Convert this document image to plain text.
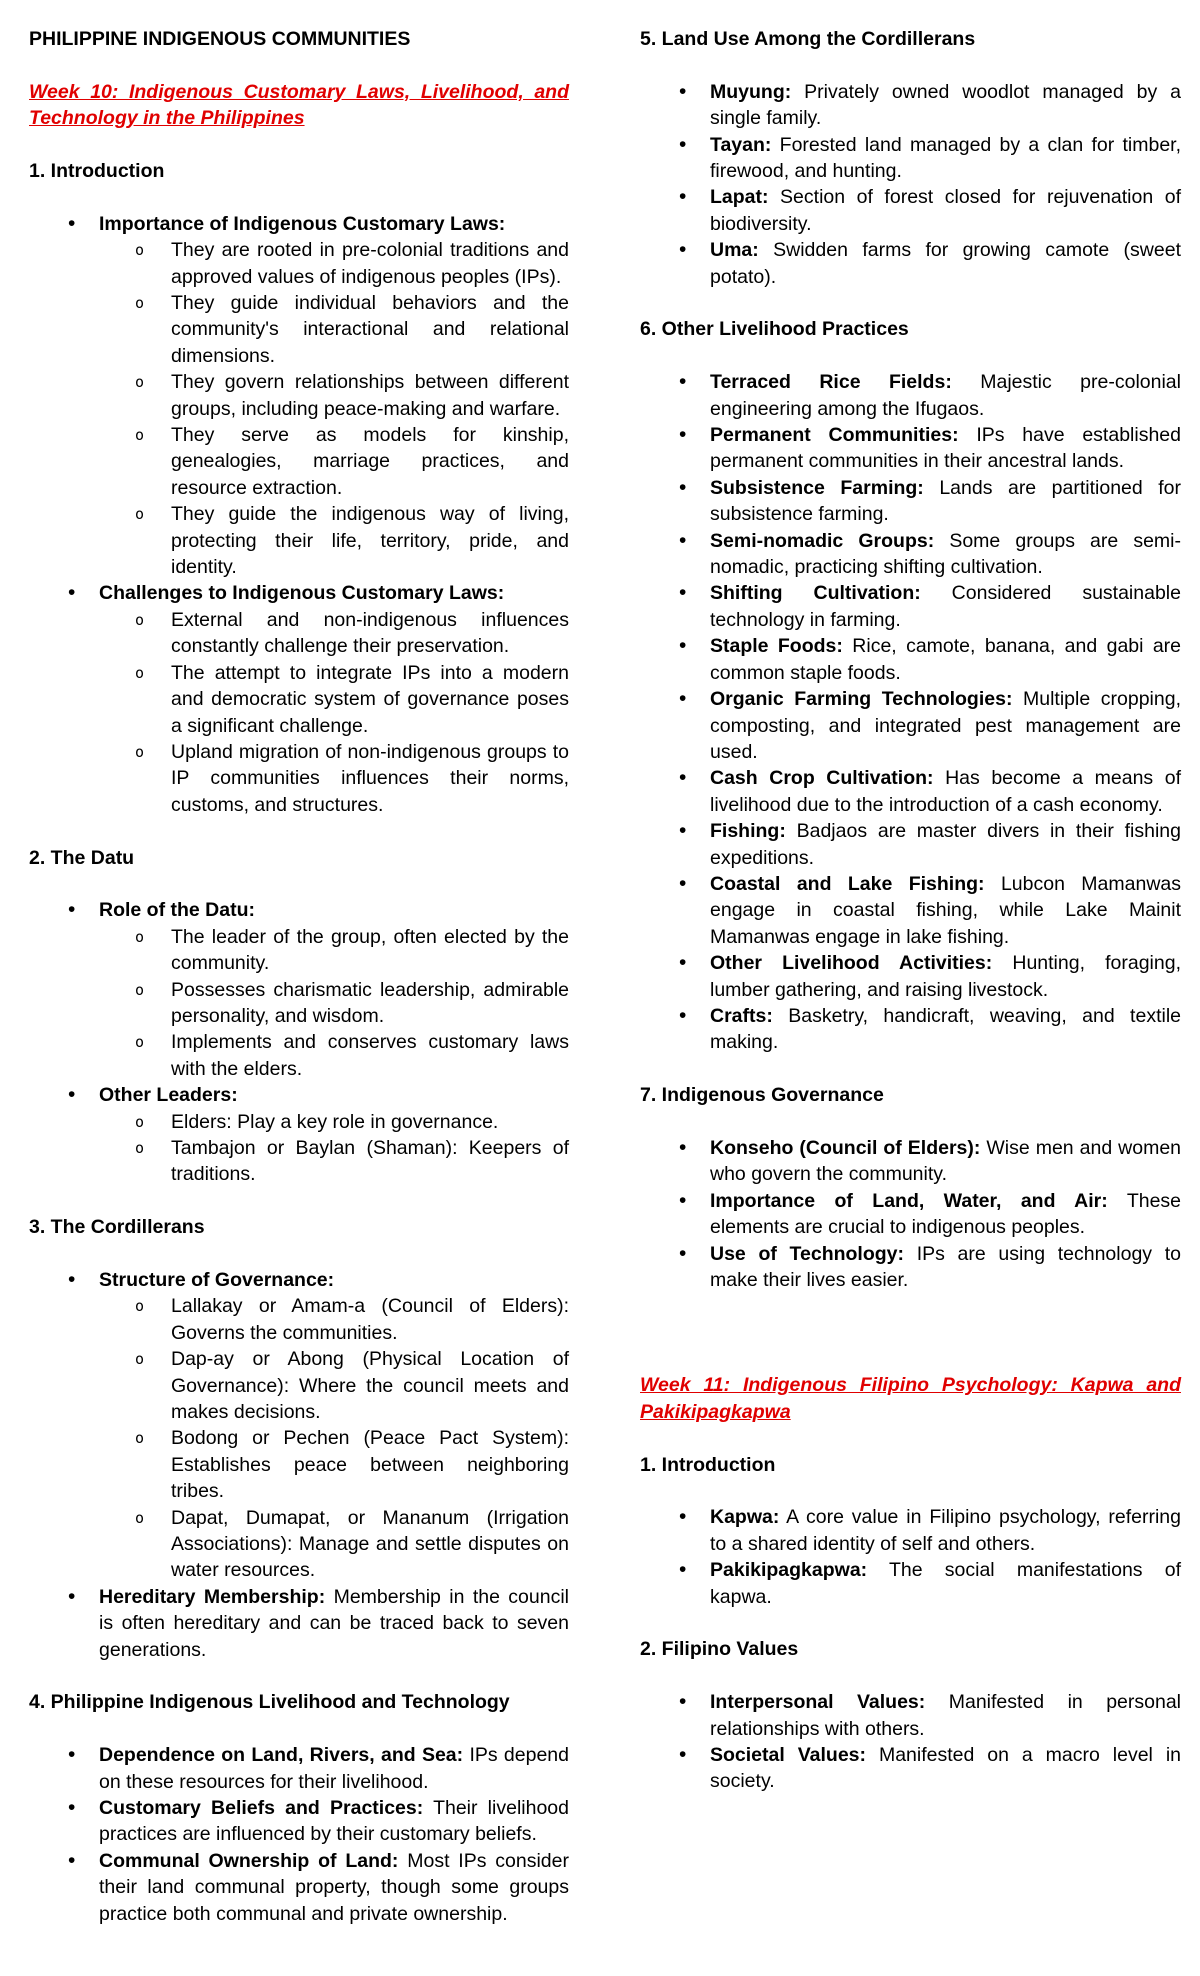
PHILIPPINE INDIGENOUS COMMUNITIES
Week 10: Indigenous Customary Laws, Livelihood, and Technology in the Philippines
1. Introduction
• Importance of Indigenous Customary Laws:
o They are rooted in pre-colonial traditions and approved values of indigenous peoples (IPs).
o They guide individual behaviors and the community's interactional and relational dimensions.
o They govern relationships between different groups, including peace-making and warfare.
o They serve as models for kinship, genealogies, marriage practices, and resource extraction.
o They guide the indigenous way of living, protecting their life, territory, pride, and identity.
• Challenges to Indigenous Customary Laws:
o External and non-indigenous influences constantly challenge their preservation.
o The attempt to integrate IPs into a modern and democratic system of governance poses a significant challenge.
o Upland migration of non-indigenous groups to IP communities influences their norms, customs, and structures.
2. The Datu
• Role of the Datu:
o The leader of the group, often elected by the community.
o Possesses charismatic leadership, admirable personality, and wisdom.
o Implements and conserves customary laws with the elders.
• Other Leaders:
o Elders: Play a key role in governance.
o Tambajon or Baylan (Shaman): Keepers of traditions.
3. The Cordillerans
• Structure of Governance:
o Lallakay or Amam-a (Council of Elders): Governs the communities.
o Dap-ay or Abong (Physical Location of Governance): Where the council meets and makes decisions.
o Bodong or Pechen (Peace Pact System): Establishes peace between neighboring tribes.
o Dapat, Dumapat, or Mananum (Irrigation Associations): Manage and settle disputes on water resources.
• Hereditary Membership: Membership in the council is often hereditary and can be traced back to seven generations.
4. Philippine Indigenous Livelihood and Technology
• Dependence on Land, Rivers, and Sea: IPs depend on these resources for their livelihood.
• Customary Beliefs and Practices: Their livelihood practices are influenced by their customary beliefs.
• Communal Ownership of Land: Most IPs consider their land communal property, though some groups practice both communal and private ownership.
5. Land Use Among the Cordillerans
• Muyung: Privately owned woodlot managed by a single family.
• Tayan: Forested land managed by a clan for timber, firewood, and hunting.
• Lapat: Section of forest closed for rejuvenation of biodiversity.
• Uma: Swidden farms for growing camote (sweet potato).
6. Other Livelihood Practices
• Terraced Rice Fields: Majestic pre-colonial engineering among the Ifugaos.
• Permanent Communities: IPs have established permanent communities in their ancestral lands.
• Subsistence Farming: Lands are partitioned for subsistence farming.
• Semi-nomadic Groups: Some groups are semi-nomadic, practicing shifting cultivation.
• Shifting Cultivation: Considered sustainable technology in farming.
• Staple Foods: Rice, camote, banana, and gabi are common staple foods.
• Organic Farming Technologies: Multiple cropping, composting, and integrated pest management are used.
• Cash Crop Cultivation: Has become a means of livelihood due to the introduction of a cash economy.
• Fishing: Badjaos are master divers in their fishing expeditions.
• Coastal and Lake Fishing: Lubcon Mamanwas engage in coastal fishing, while Lake Mainit Mamanwas engage in lake fishing.
• Other Livelihood Activities: Hunting, foraging, lumber gathering, and raising livestock.
• Crafts: Basketry, handicraft, weaving, and textile making.
7. Indigenous Governance
• Konseho (Council of Elders): Wise men and women who govern the community.
• Importance of Land, Water, and Air: These elements are crucial to indigenous peoples.
• Use of Technology: IPs are using technology to make their lives easier.
Week 11: Indigenous Filipino Psychology: Kapwa and Pakikipagkapwa
1. Introduction
• Kapwa: A core value in Filipino psychology, referring to a shared identity of self and others.
• Pakikipagkapwa: The social manifestations of kapwa.
2. Filipino Values
• Interpersonal Values: Manifested in personal relationships with others.
• Societal Values: Manifested on a macro level in society.
